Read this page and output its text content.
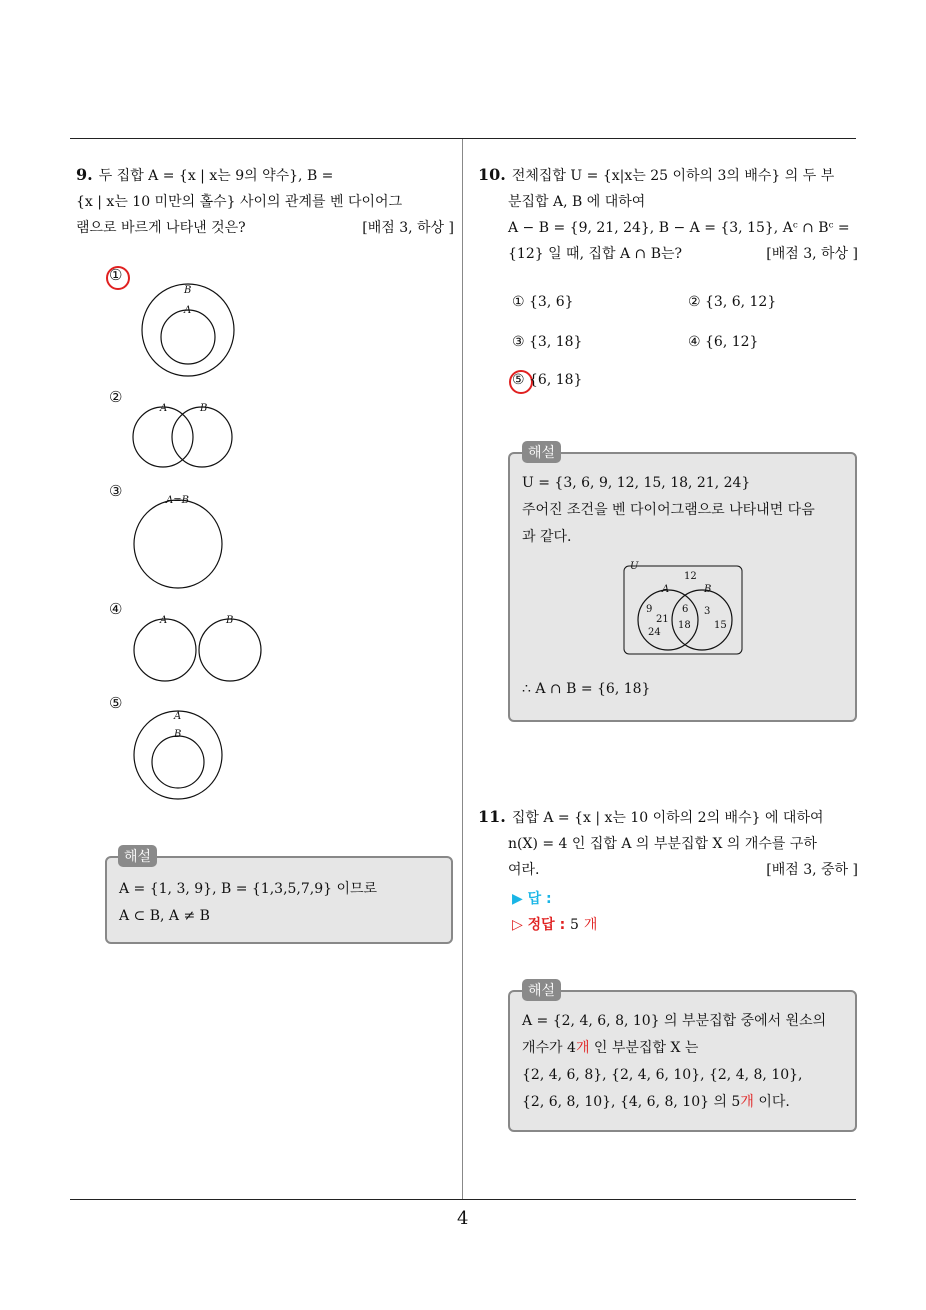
9. 두 집합 A = {x | x는 9의 약수}, B =
{x | x는 10 미만의 홀수} 사이의 관계를 벤 다이어그
램으로 바르게 나타낸 것은?	[배점 3, 하상 ]
①
B
A
②
A	B
③
A=B
④
A	B
⑤
A
B
A = {1, 3, 9}, B = {1,3,5,7,9} 이므로
A ⊂ B, A ≠ B
해설
10. 전체집합 U = {x|x는 25 이하의 3의 배수} 의 두 부
분집합 A, B 에 대하여
A − B = {9, 21, 24}, B − A = {3, 15}, Aᶜ ∩ Bᶜ =
{12} 일 때, 집합 A ∩ B는?	[배점 3, 하상 ]
① {3, 6}	② {3, 6, 12}
③ {3, 18}	④ {6, 12}
⑤ {6, 18}
U = {3, 6, 9, 12, 15, 18, 21, 24}
주어진 조건을 벤 다이어그램으로 나타내면 다음
과 같다.
U
12
A	B
9
21
24
6
18
3
15
∴ A ∩ B = {6, 18}
해설
11. 집합 A = {x | x는 10 이하의 2의 배수} 에 대하여
n(X) = 4 인 집합 A 의 부분집합 X 의 개수를 구하
여라.	[배점 3, 중하 ]
▶ 답 :
▷ 정답 : 5 개
A = {2, 4, 6, 8, 10} 의 부분집합 중에서 원소의
개수가 4개 인 부분집합 X 는
{2, 4, 6, 8}, {2, 4, 6, 10}, {2, 4, 8, 10},
{2, 6, 8, 10}, {4, 6, 8, 10} 의 5개 이다.
해설
4
